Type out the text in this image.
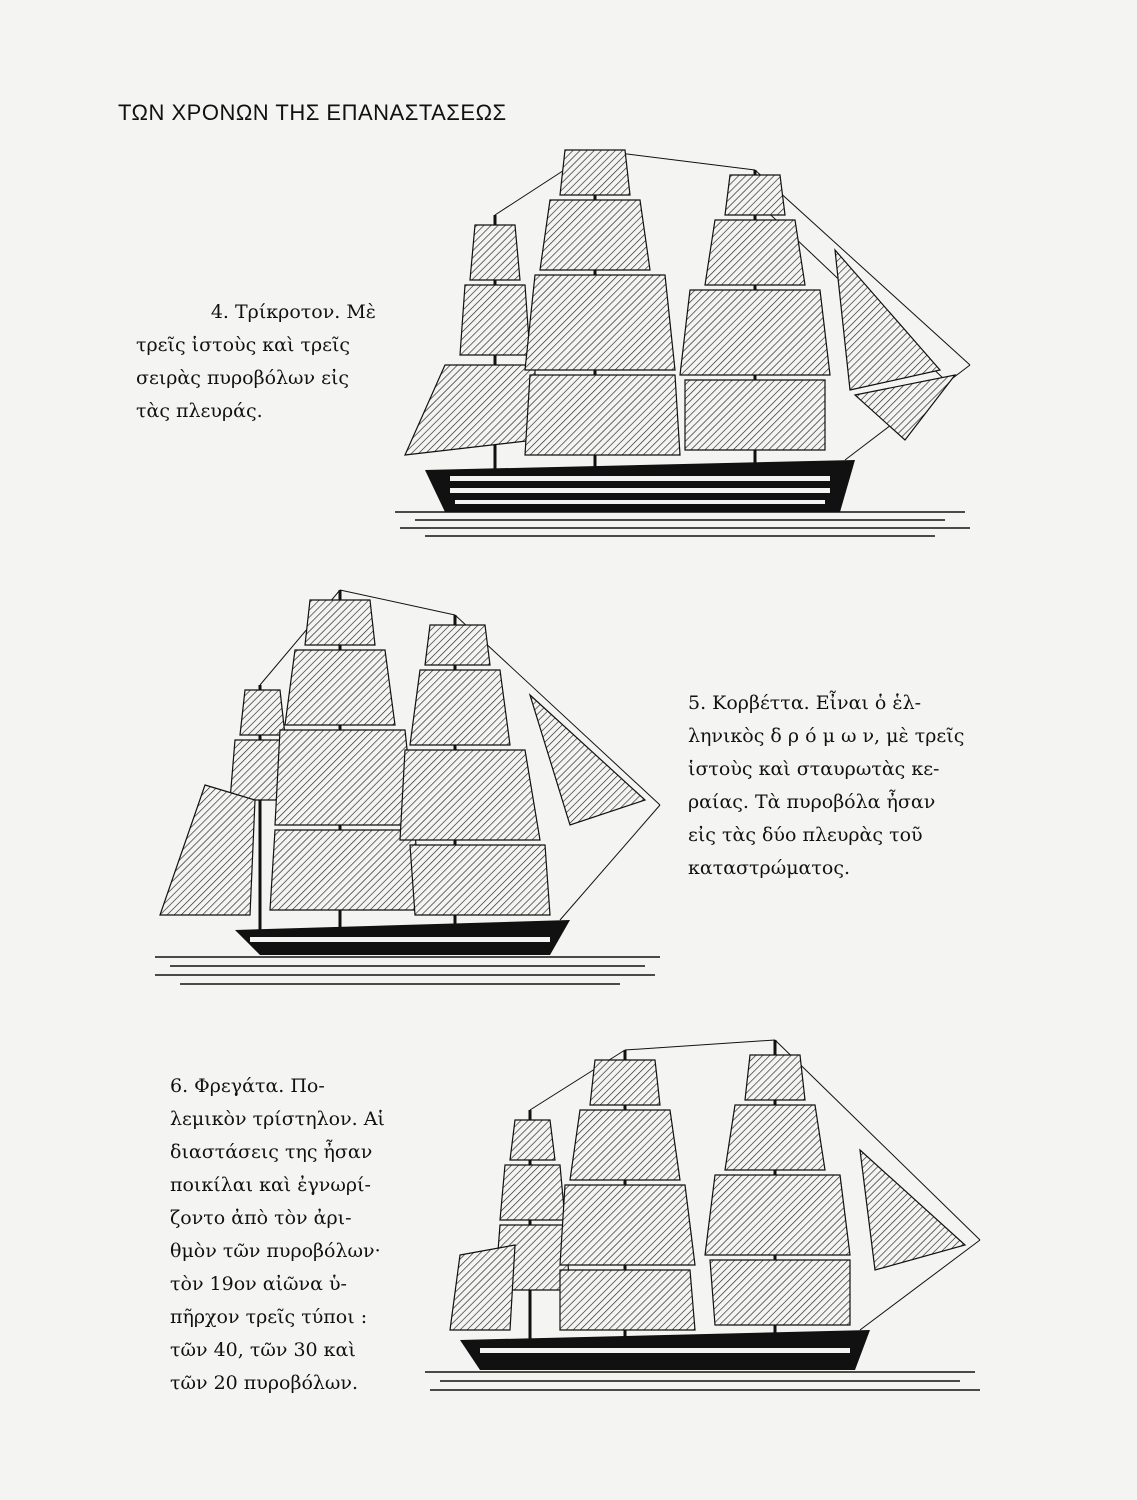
ΤΩΝ ΧΡΟΝΩΝ ΤΗΣ ΕΠΑΝΑΣΤΑΣΕΩΣ

4. Τρίκροτον. Μὲ

τρεῖς ἱστοὺς καὶ τρεῖς

σειρὰς πυροβόλων εἰς

τὰς πλευράς.

5. Κορβέττα. Εἶναι ὁ ἑλ-

ληνικὸς δ ρ ό μ ω ν, μὲ τρεῖς

ἱστοὺς καὶ σταυρωτὰς κε-

ραίας. Τὰ πυροβόλα ἦσαν

εἰς τὰς δύο πλευρὰς τοῦ

καταστρώματος.

6. Φρεγάτα. Πο-

λεμικὸν τρίστηλον. Αἱ

διαστάσεις της ἦσαν

ποικίλαι καὶ ἐγνωρί-

ζοντο ἀπὸ τὸν ἀρι-

θμὸν τῶν πυροβόλων·

τὸν 19ον αἰῶνα ὑ-

πῆρχον τρεῖς τύποι :

τῶν 40, τῶν 30 καὶ

τῶν 20 πυροβόλων.
